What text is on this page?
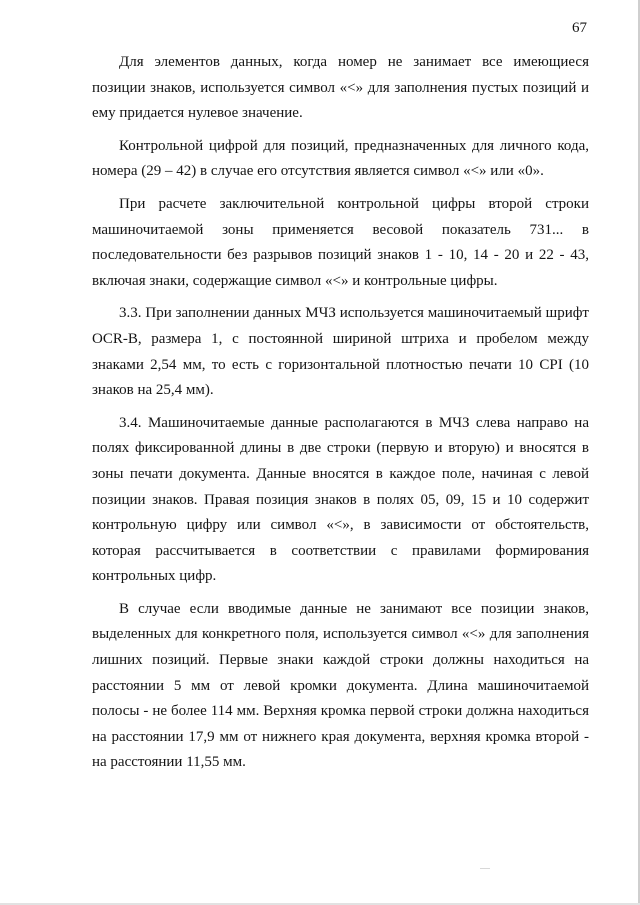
67

Для элементов данных, когда номер не занимает все имеющиеся позиции знаков, используется символ «<» для заполнения пустых позиций и ему придается нулевое значение.

Контрольной цифрой для позиций, предназначенных для личного кода, номера (29 – 42) в случае его отсутствия является символ «<» или «0».

При расчете заключительной контрольной цифры второй строки машиночитаемой зоны применяется весовой показатель 731... в последовательности без разрывов позиций знаков 1 - 10, 14 - 20 и 22 - 43, включая знаки, содержащие символ «<» и контрольные цифры.

3.3. При заполнении данных МЧЗ используется машиночитаемый шрифт OCR-B, размера 1, с постоянной шириной штриха и пробелом между знаками 2,54 мм, то есть с горизонтальной плотностью печати 10 CPI (10 знаков на 25,4 мм).

3.4. Машиночитаемые данные располагаются в МЧЗ слева направо на полях фиксированной длины в две строки (первую и вторую) и вносятся в зоны печати документа. Данные вносятся в каждое поле, начиная с левой позиции знаков. Правая позиция знаков в полях 05, 09, 15 и 10 содержит контрольную цифру или символ «<», в зависимости от обстоятельств, которая рассчитывается в соответствии с правилами формирования контрольных цифр.

В случае если вводимые данные не занимают все позиции знаков, выделенных для конкретного поля, используется символ «<» для заполнения лишних позиций. Первые знаки каждой строки должны находиться на расстоянии 5 мм от левой кромки документа. Длина машиночитаемой полосы - не более 114 мм. Верхняя кромка первой строки должна находиться на расстоянии 17,9 мм от нижнего края документа, верхняя кромка второй - на расстоянии 11,55 мм.
